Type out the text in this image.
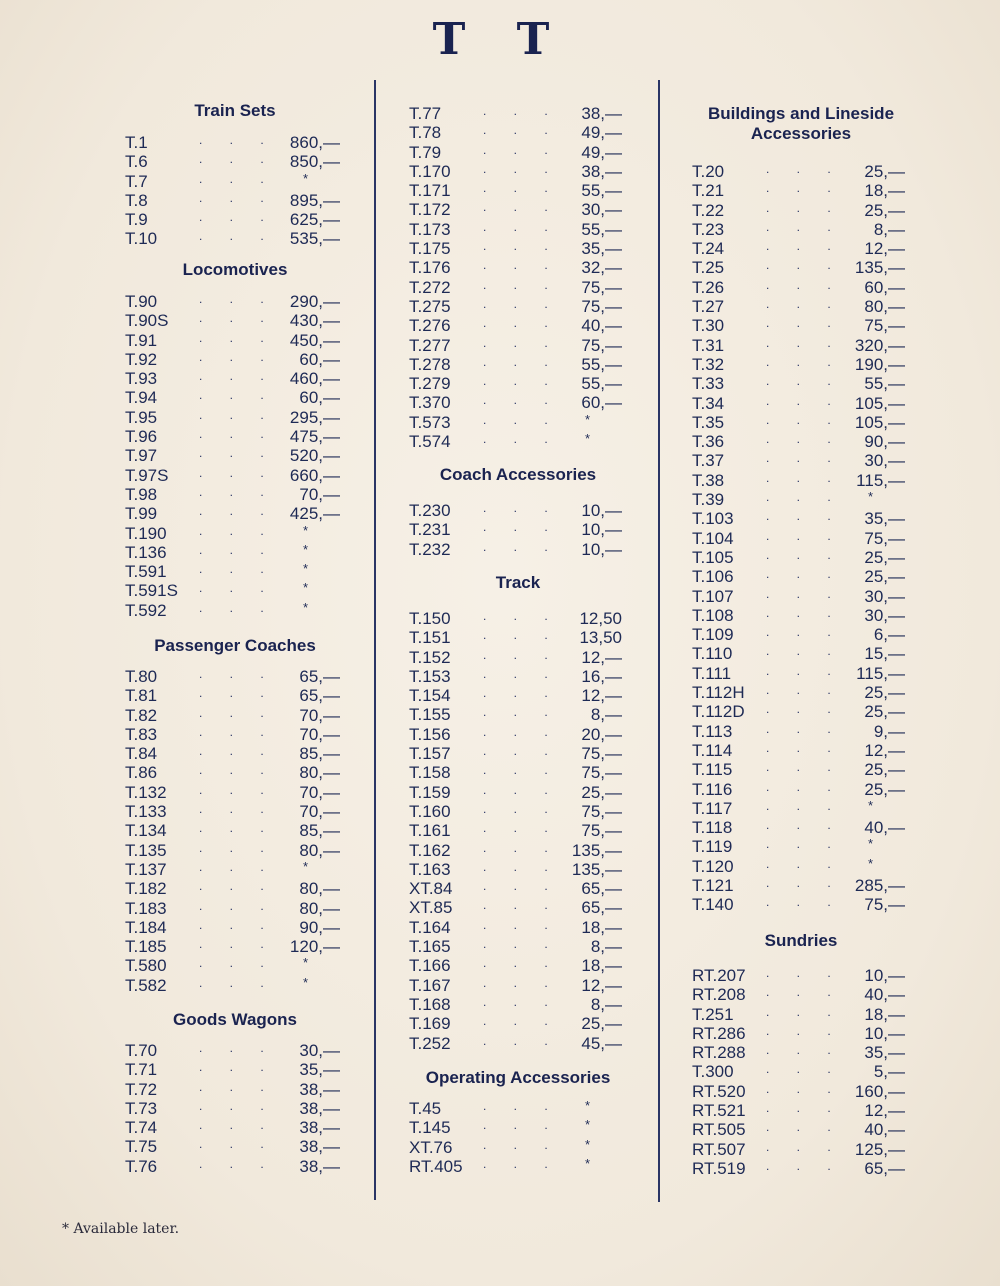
T T
Train Sets
T.1	. . . 860,—
T.6	. . . 850,—
T.7	. . . *
T.8	. . . 895,—
T.9	. . . 625,—
T.10	. . . 535,—
Locomotives
T.90	. . . 290,—
T.90S	. . . 430,—
T.91	. . . 450,—
T.92	. . . 60,—
T.93	. . . 460,—
T.94	. . . 60,—
T.95	. . . 295,—
T.96	. . . 475,—
T.97	. . . 520,—
T.97S	. . . 660,—
T.98	. . . 70,—
T.99	. . . 425,—
T.190	. . . *
T.136	. . . *
T.591	. . . *
T.591S . . . *
T.592	. . . *
Passenger Coaches
T.80	. . . 65,—
T.81	. . . 65,—
T.82	. . . 70,—
T.83	. . . 70,—
T.84	. . . 85,—
T.86	. . . 80,—
T.132	. . . 70,—
T.133	. . . 70,—
T.134	. . . 85,—
T.135	. . . 80,—
T.137	. . . *
T.182	. . . 80,—
T.183	. . . 80,—
T.184	. . . 90,—
T.185	. . . 120,—
T.580	. . . *
T.582	. . . *
Goods Wagons
T.70	. . . 30,—
T.71	. . . 35,—
T.72	. . . 38,—
T.73	. . . 38,—
T.74	. . . 38,—
T.75	. . . 38,—
T.76	. . . 38,—
T.77	. . . 38,—
T.78	. . . 49,—
T.79	. . . 49,—
T.170	. . . 38,—
T.171	. . . 55,—
T.172	. . . 30,—
T.173	. . . 55,—
T.175	. . . 35,—
T.176	. . . 32,—
T.272	. . . 75,—
T.275	. . . 75,—
T.276	. . . 40,—
T.277	. . . 75,—
T.278	. . . 55,—
T.279	. . . 55,—
T.370	. . . 60,—
T.573	. . . *
T.574	. . . *
Coach Accessories
T.230	. . . 10,—
T.231	. . . 10,—
T.232	. . . 10,—
Track
T.150	. . . 12,50
T.151	. . . 13,50
T.152	. . . 12,—
T.153	. . . 16,—
T.154	. . . 12,—
T.155	. . . 8,—
T.156	. . . 20,—
T.157	. . . 75,—
T.158	. . . 75,—
T.159	. . . 25,—
T.160	. . . 75,—
T.161	. . . 75,—
T.162	. . . 135,—
T.163	. . . 135,—
XT.84	. . . 65,—
XT.85	. . . 65,—
T.164	. . . 18,—
T.165	. . . 8,—
T.166	. . . 18,—
T.167	. . . 12,—
T.168	. . . 8,—
T.169	. . . 25,—
T.252	. . . 45,—
Operating Accessories
T.45	. . . *
T.145	. . . *
XT.76	. . . *
RT.405 . . . *
Buildings and Lineside Accessories
T.20	. . . 25,—
T.21	. . . 18,—
T.22	. . . 25,—
T.23	. . . 8,—
T.24	. . . 12,—
T.25	. . . 135,—
T.26	. . . 60,—
T.27	. . . 80,—
T.30	. . . 75,—
T.31	. . . 320,—
T.32	. . . 190,—
T.33	. . . 55,—
T.34	. . . 105,—
T.35	. . . 105,—
T.36	. . . 90,—
T.37	. . . 30,—
T.38	. . . 115,—
T.39	. . . *
T.103	. . . 35,—
T.104	. . . 75,—
T.105	. . . 25,—
T.106	. . . 25,—
T.107	. . . 30,—
T.108	. . . 30,—
T.109	. . . 6,—
T.110	. . . 15,—
T.111	. . . 115,—
T.112H . . . 25,—
T.112D . . . 25,—
T.113	. . . 9,—
T.114	. . . 12,—
T.115	. . . 25,—
T.116	. . . 25,—
T.117	. . . *
T.118	. . . 40,—
T.119	. . . *
T.120	. . . *
T.121	. . . 285,—
T.140	. . . 75,—
Sundries
RT.207 . . . 10,—
RT.208 . . . 40,—
T.251	. . . 18,—
RT.286 . . . 10,—
RT.288 . . . 35,—
T.300	. . . 5,—
RT.520 . . . 160,—
RT.521 . . . 12,—
RT.505 . . . 40,—
RT.507 . . . 125,—
RT.519 . . . 65,—
* Available later.
